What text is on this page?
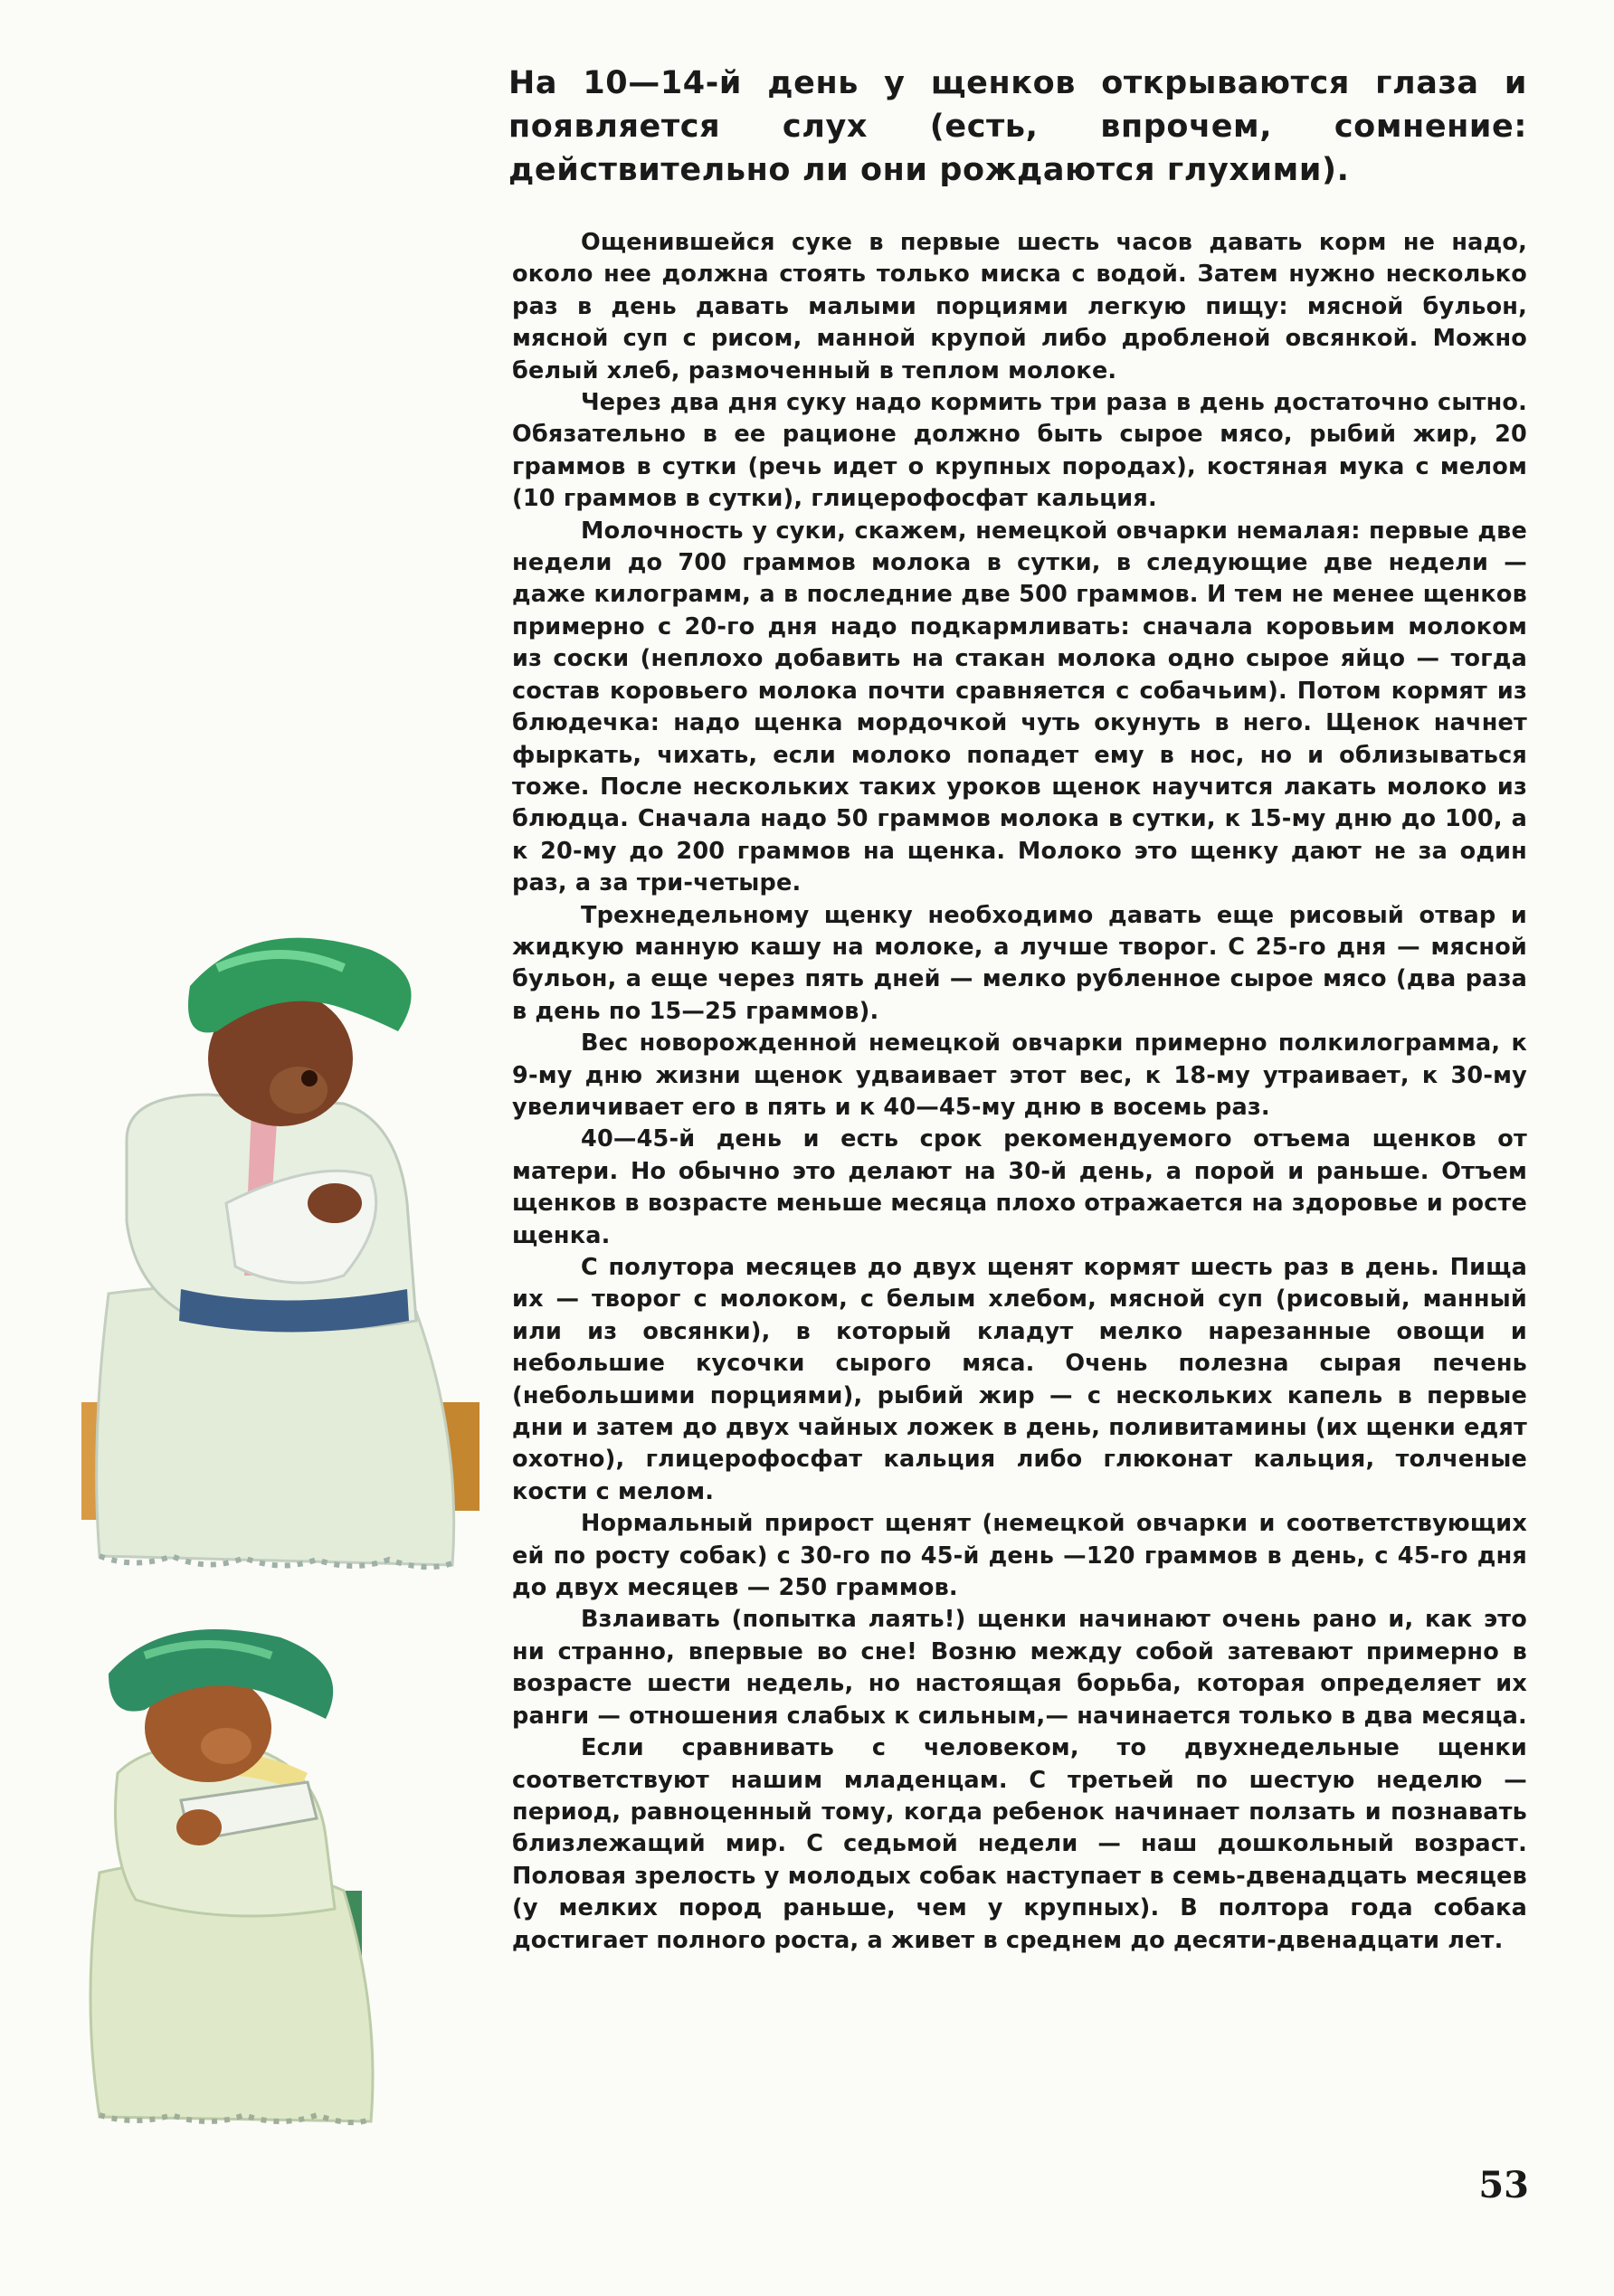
На 10—14-й день у щенков открываются глаза и появляется слух (есть, впрочем, сомнение: действительно ли они рождаются глухими).

Ощенившейся суке в первые шесть часов давать корм не надо, около нее должна стоять только миска с водой. Затем нужно несколько раз в день давать малыми порциями легкую пищу: мясной бульон, мясной суп с рисом, манной крупой либо дробленой овсянкой. Можно белый хлеб, размоченный в теплом молоке.

Через два дня суку надо кормить три раза в день достаточно сытно. Обязательно в ее рационе должно быть сырое мясо, рыбий жир, 20 граммов в сутки (речь идет о крупных породах), костяная мука с мелом (10 граммов в сутки), глицерофосфат кальция.

Молочность у суки, скажем, немецкой овчарки немалая: первые две недели до 700 граммов молока в сутки, в следующие две недели — даже килограмм, а в последние две 500 граммов. И тем не менее щенков примерно с 20-го дня надо подкармливать: сначала коровьим молоком из соски (неплохо добавить на стакан молока одно сырое яйцо — тогда состав коровьего молока почти сравняется с собачьим). Потом кормят из блюдечка: надо щенка мордочкой чуть окунуть в него. Щенок начнет фыркать, чихать, если молоко попадет ему в нос, но и облизываться тоже. После нескольких таких уроков щенок научится лакать молоко из блюдца. Сначала надо 50 граммов молока в сутки, к 15-му дню до 100, а к 20-му до 200 граммов на щенка. Молоко это щенку дают не за один раз, а за три-четыре.

Трехнедельному щенку необходимо давать еще рисовый отвар и жидкую манную кашу на молоке, а лучше творог. С 25-го дня — мясной бульон, а еще через пять дней — мелко рубленное сырое мясо (два раза в день по 15—25 граммов).

Вес новорожденной немецкой овчарки примерно полкилограмма, к 9-му дню жизни щенок удваивает этот вес, к 18-му утраивает, к 30-му увеличивает его в пять и к 40—45-му дню в восемь раз.

40—45-й день и есть срок рекомендуемого отъема щенков от матери. Но обычно это делают на 30-й день, а порой и раньше. Отъем щенков в возрасте меньше месяца плохо отражается на здоровье и росте щенка.

С полутора месяцев до двух щенят кормят шесть раз в день. Пища их — творог с молоком, с белым хлебом, мясной суп (рисовый, манный или из овсянки), в который кладут мелко нарезанные овощи и небольшие кусочки сырого мяса. Очень полезна сырая печень (небольшими порциями), рыбий жир — с нескольких капель в первые дни и затем до двух чайных ложек в день, поливитамины (их щенки едят охотно), глицерофосфат кальция либо глюконат кальция, толченые кости с мелом.

Нормальный прирост щенят (немецкой овчарки и соответствующих ей по росту собак) с 30-го по 45-й день —120 граммов в день, с 45-го дня до двух месяцев — 250 граммов.

Взлаивать (попытка лаять!) щенки начинают очень рано и, как это ни странно, впервые во сне! Возню между собой затевают примерно в возрасте шести недель, но настоящая борьба, которая определяет их ранги — отношения слабых к сильным,— начинается только в два месяца.

Если сравнивать с человеком, то двухнедельные щенки соответствуют нашим младенцам. С третьей по шестую неделю — период, равноценный тому, когда ребенок начинает ползать и познавать близлежащий мир. С седьмой недели — наш дошкольный возраст. Половая зрелость у молодых собак наступает в семь-двенадцать месяцев (у мелких пород раньше, чем у крупных). В полтора года собака достигает полного роста, а живет в среднем до десяти-двенадцати лет.

53
